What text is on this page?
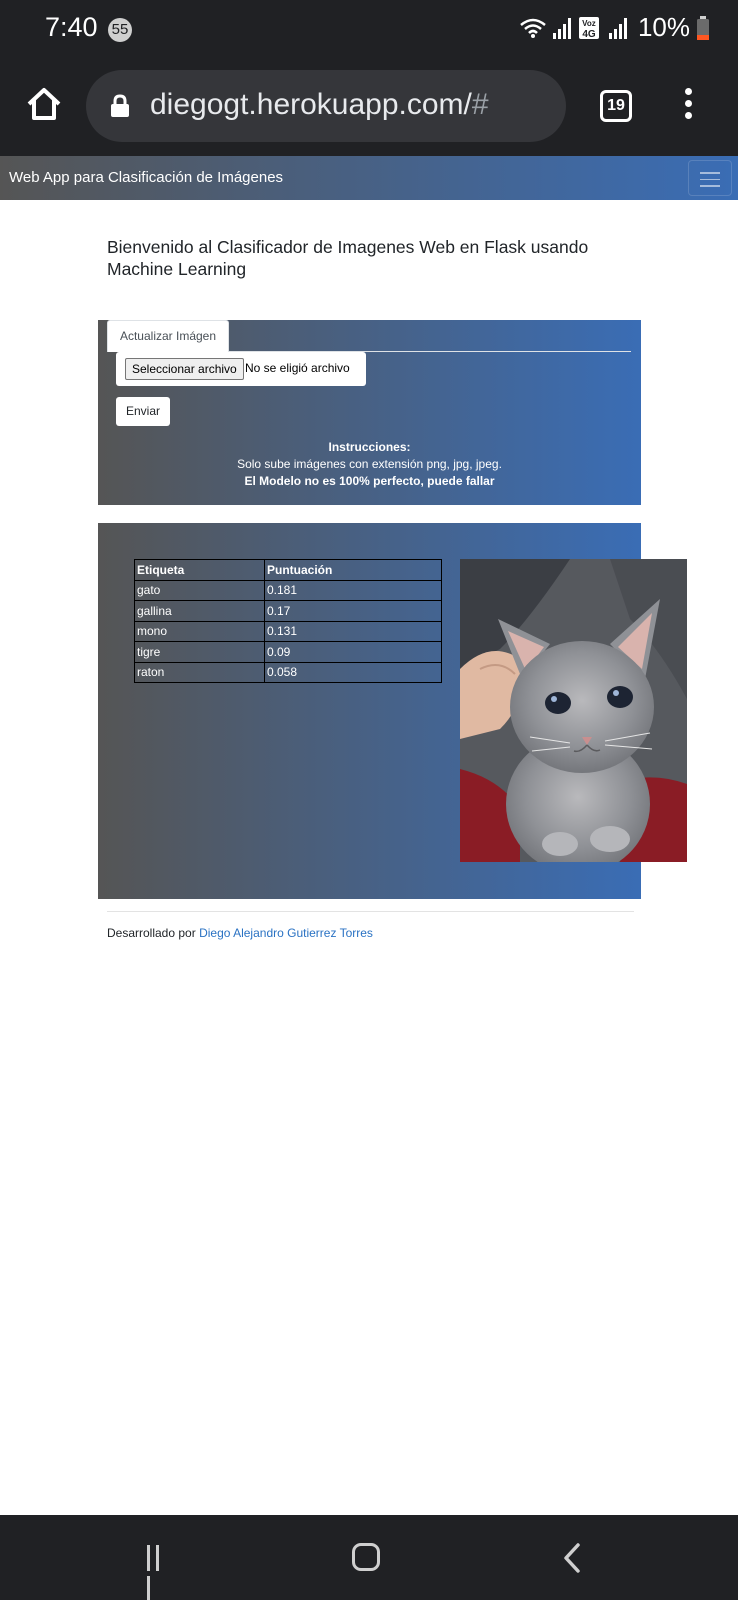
7:40 55	Voz
4G 10%
diegogt.herokuapp.com/#	19
Web App para Clasificación de Imágenes
Bienvenido al Clasificador de Imagenes Web en Flask usando Machine Learning
Actualizar Imágen
Seleccionar archivo No se eligió archivo
Enviar
Instrucciones:
Solo sube imágenes con extensión png, jpg, jpeg.
El Modelo no es 100% perfecto, puede fallar
Etiqueta	Puntuación
gato	0.181
gallina	0.17
mono	0.131
tigre	0.09
raton	0.058
Desarrollado por Diego Alejandro Gutierrez Torres
